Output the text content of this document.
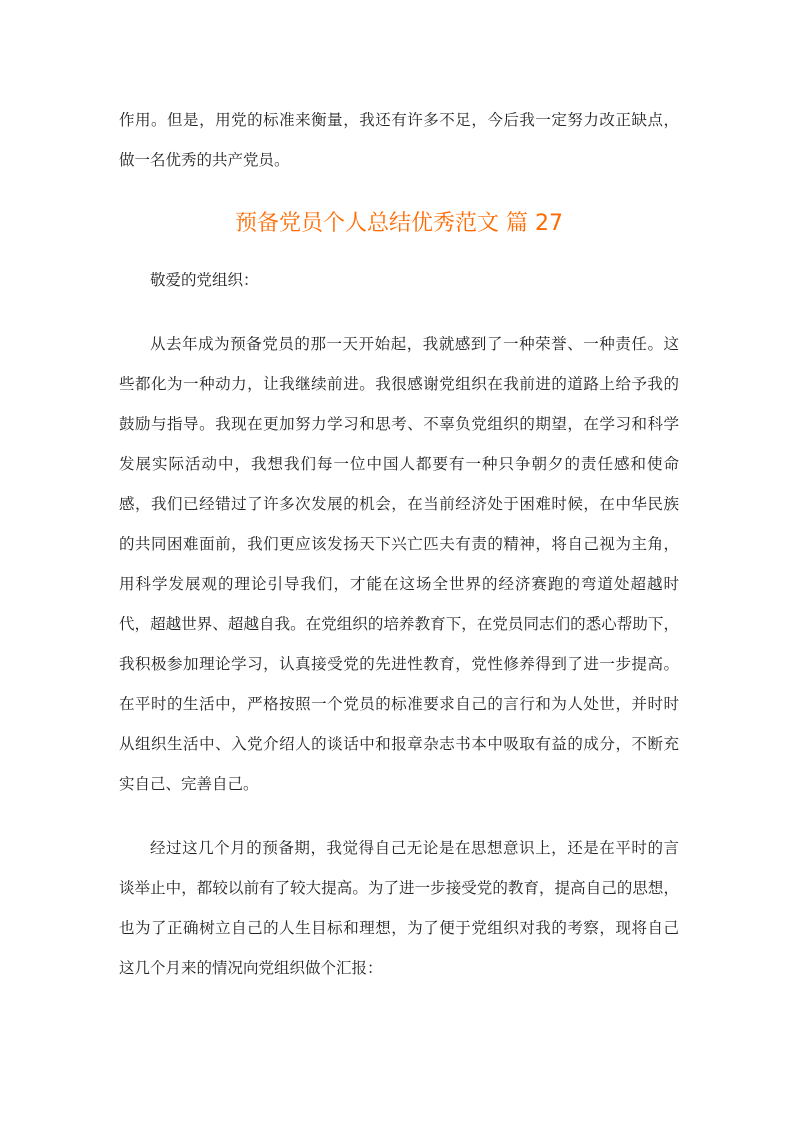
作用。但是，用党的标准来衡量，我还有许多不足，今后我一定努力改正缺点，
做一名优秀的共产党员。
预备党员个人总结优秀范文 篇 27
敬爱的党组织：
从去年成为预备党员的那一天开始起，我就感到了一种荣誉、一种责任。这
些都化为一种动力，让我继续前进。我很感谢党组织在我前进的道路上给予我的
鼓励与指导。我现在更加努力学习和思考、不辜负党组织的期望，在学习和科学
发展实际活动中，我想我们每一位中国人都要有一种只争朝夕的责任感和使命
感，我们已经错过了许多次发展的机会，在当前经济处于困难时候，在中华民族
的共同困难面前，我们更应该发扬天下兴亡匹夫有责的精神，将自己视为主角，
用科学发展观的理论引导我们，才能在这场全世界的经济赛跑的弯道处超越时
代，超越世界、超越自我。在党组织的培养教育下，在党员同志们的悉心帮助下，
我积极参加理论学习，认真接受党的先进性教育，党性修养得到了进一步提高。
在平时的生活中，严格按照一个党员的标准要求自己的言行和为人处世，并时时
从组织生活中、入党介绍人的谈话中和报章杂志书本中吸取有益的成分，不断充
实自己、完善自己。
经过这几个月的预备期，我觉得自己无论是在思想意识上，还是在平时的言
谈举止中，都较以前有了较大提高。为了进一步接受党的教育，提高自己的思想，
也为了正确树立自己的人生目标和理想，为了便于党组织对我的考察，现将自己
这几个月来的情况向党组织做个汇报：
